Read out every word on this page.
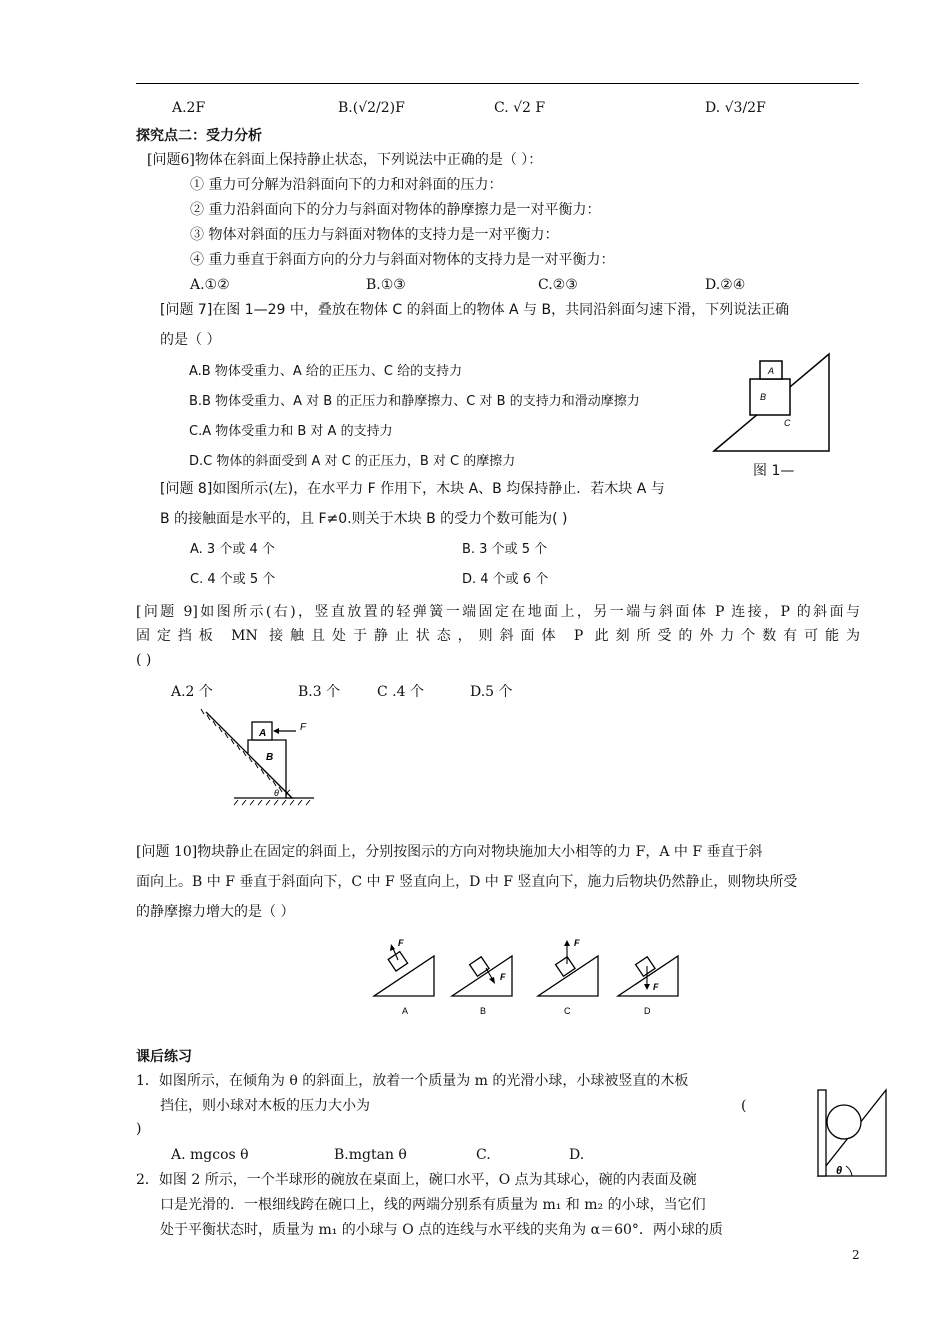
A.2F	B.(√2/2)F	C. √2 F	D. √3/2F
探究点二：受力分析
[问题6]物体在斜面上保持静止状态，下列说法中正确的是（ ）：
① 重力可分解为沿斜面向下的力和对斜面的压力：
② 重力沿斜面向下的分力与斜面对物体的静摩擦力是一对平衡力：
③ 物体对斜面的压力与斜面对物体的支持力是一对平衡力：
④ 重力垂直于斜面方向的分力与斜面对物体的支持力是一对平衡力：
A.①②	B.①③	C.②③	D.②④
[问题 7]在图 1—29 中，叠放在物体 C 的斜面上的物体 A 与 B，共同沿斜面匀速下滑，下列说法正确
的是（ ）
A.B 物体受重力、A 给的正压力、C 给的支持力
B.B 物体受重力、A 对 B 的正压力和静摩擦力、C 对 B 的支持力和滑动摩擦力
C.A 物体受重力和 B 对 A 的支持力
D.C 物体的斜面受到 A 对 C 的正压力，B 对 C 的摩擦力
A
B
C
图 1—
[问题 8]如图所示(左)，在水平力 F 作用下，木块 A、B 均保持静止．若木块 A 与
B 的接触面是水平的，且 F≠0.则关于木块 B 的受力个数可能为( )
A. 3 个或 4 个	B. 3 个或 5 个
C. 4 个或 5 个	D. 4 个或 6 个
[问题 9]如图所示(右)，竖直放置的轻弹簧一端固定在地面上，另一端与斜面体 P 连接，P 的斜面与
固定挡板 MN 接触且处于静止状态，则斜面体 P 此刻所受的外力个数有可能为
( )
A.2 个	B.3 个	C .4 个	D.5 个
F
A
B
θ
[问题 10]物块静止在固定的斜面上，分别按图示的方向对物块施加大小相等的力 F，A 中 F 垂直于斜
面向上。B 中 F 垂直于斜面向下，C 中 F 竖直向上，D 中 F 竖直向下，施力后物块仍然静止，则物块所受
的静摩擦力增大的是（ ）
F
A
F
B
F
C
F
D
课后练习
1．如图所示，在倾角为 θ 的斜面上，放着一个质量为 m 的光滑小球，小球被竖直的木板
挡住，则小球对木板的压力大小为	(
)
A. mgcos θ	B.mgtan θ	C.	D.
θ
2．如图 2 所示，一个半球形的碗放在桌面上，碗口水平，O 点为其球心，碗的内表面及碗
口是光滑的．一根细线跨在碗口上，线的两端分别系有质量为 m₁ 和 m₂ 的小球，当它们
处于平衡状态时，质量为 m₁ 的小球与 O 点的连线与水平线的夹角为 α＝60°．两小球的质
2
